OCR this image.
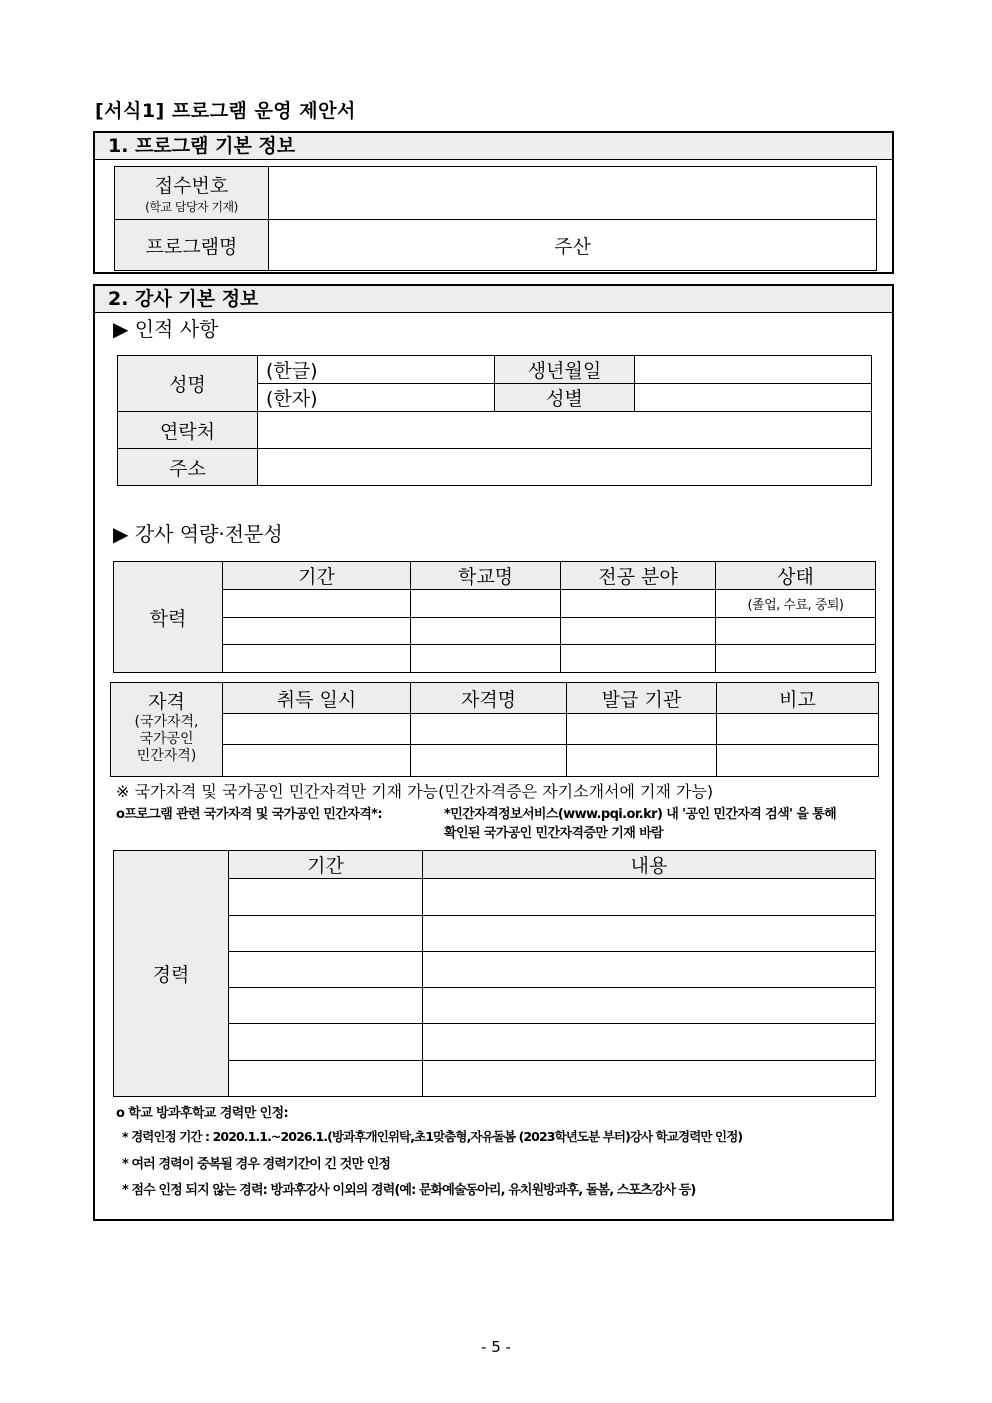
[서식1] 프로그램 운영 제안서
1. 프로그램 기본 정보
접수번호
(학교 담당자 기재)	

프로그램명	주산
2. 강사 기본 정보
▶ 인적 사항
성명	(한글)	생년월일	
	(한자)	성별	
연락처			
주소			
▶ 강사 역량·전문성
학력	기간	학교명	전공 분야	상태
				(졸업, 수료, 중퇴)

자격
(국가자격,
국가공인
민간자격)	취득 일시	자격명	발급 기관	비고

※ 국가자격 및 국가공인 민간자격만 기재 가능(민간자격증은 자기소개서에 기재 가능)
o프로그램 관련 국가자격 및 국가공인 민간자격*:	*민간자격정보서비스(www.pqi.or.kr) 내 '공인 민간자격 검색' 을 통해
확인된 국가공인 민간자격증만 기재 바람
경력	기간	내용

o 학교 방과후학교 경력만 인정:
* 경력인정 기간 : 2020.1.1.~2026.1.(방과후개인위탁,초1맞춤형,자유돌봄 (2023학년도분 부터)강사 학교경력만 인정)
* 여러 경력이 중복될 경우 경력기간이 긴 것만 인정
* 점수 인정 되지 않는 경력: 방과후강사 이외의 경력(예: 문화예술동아리, 유치원방과후, 돌봄, 스포츠강사 등)
- 5 -
